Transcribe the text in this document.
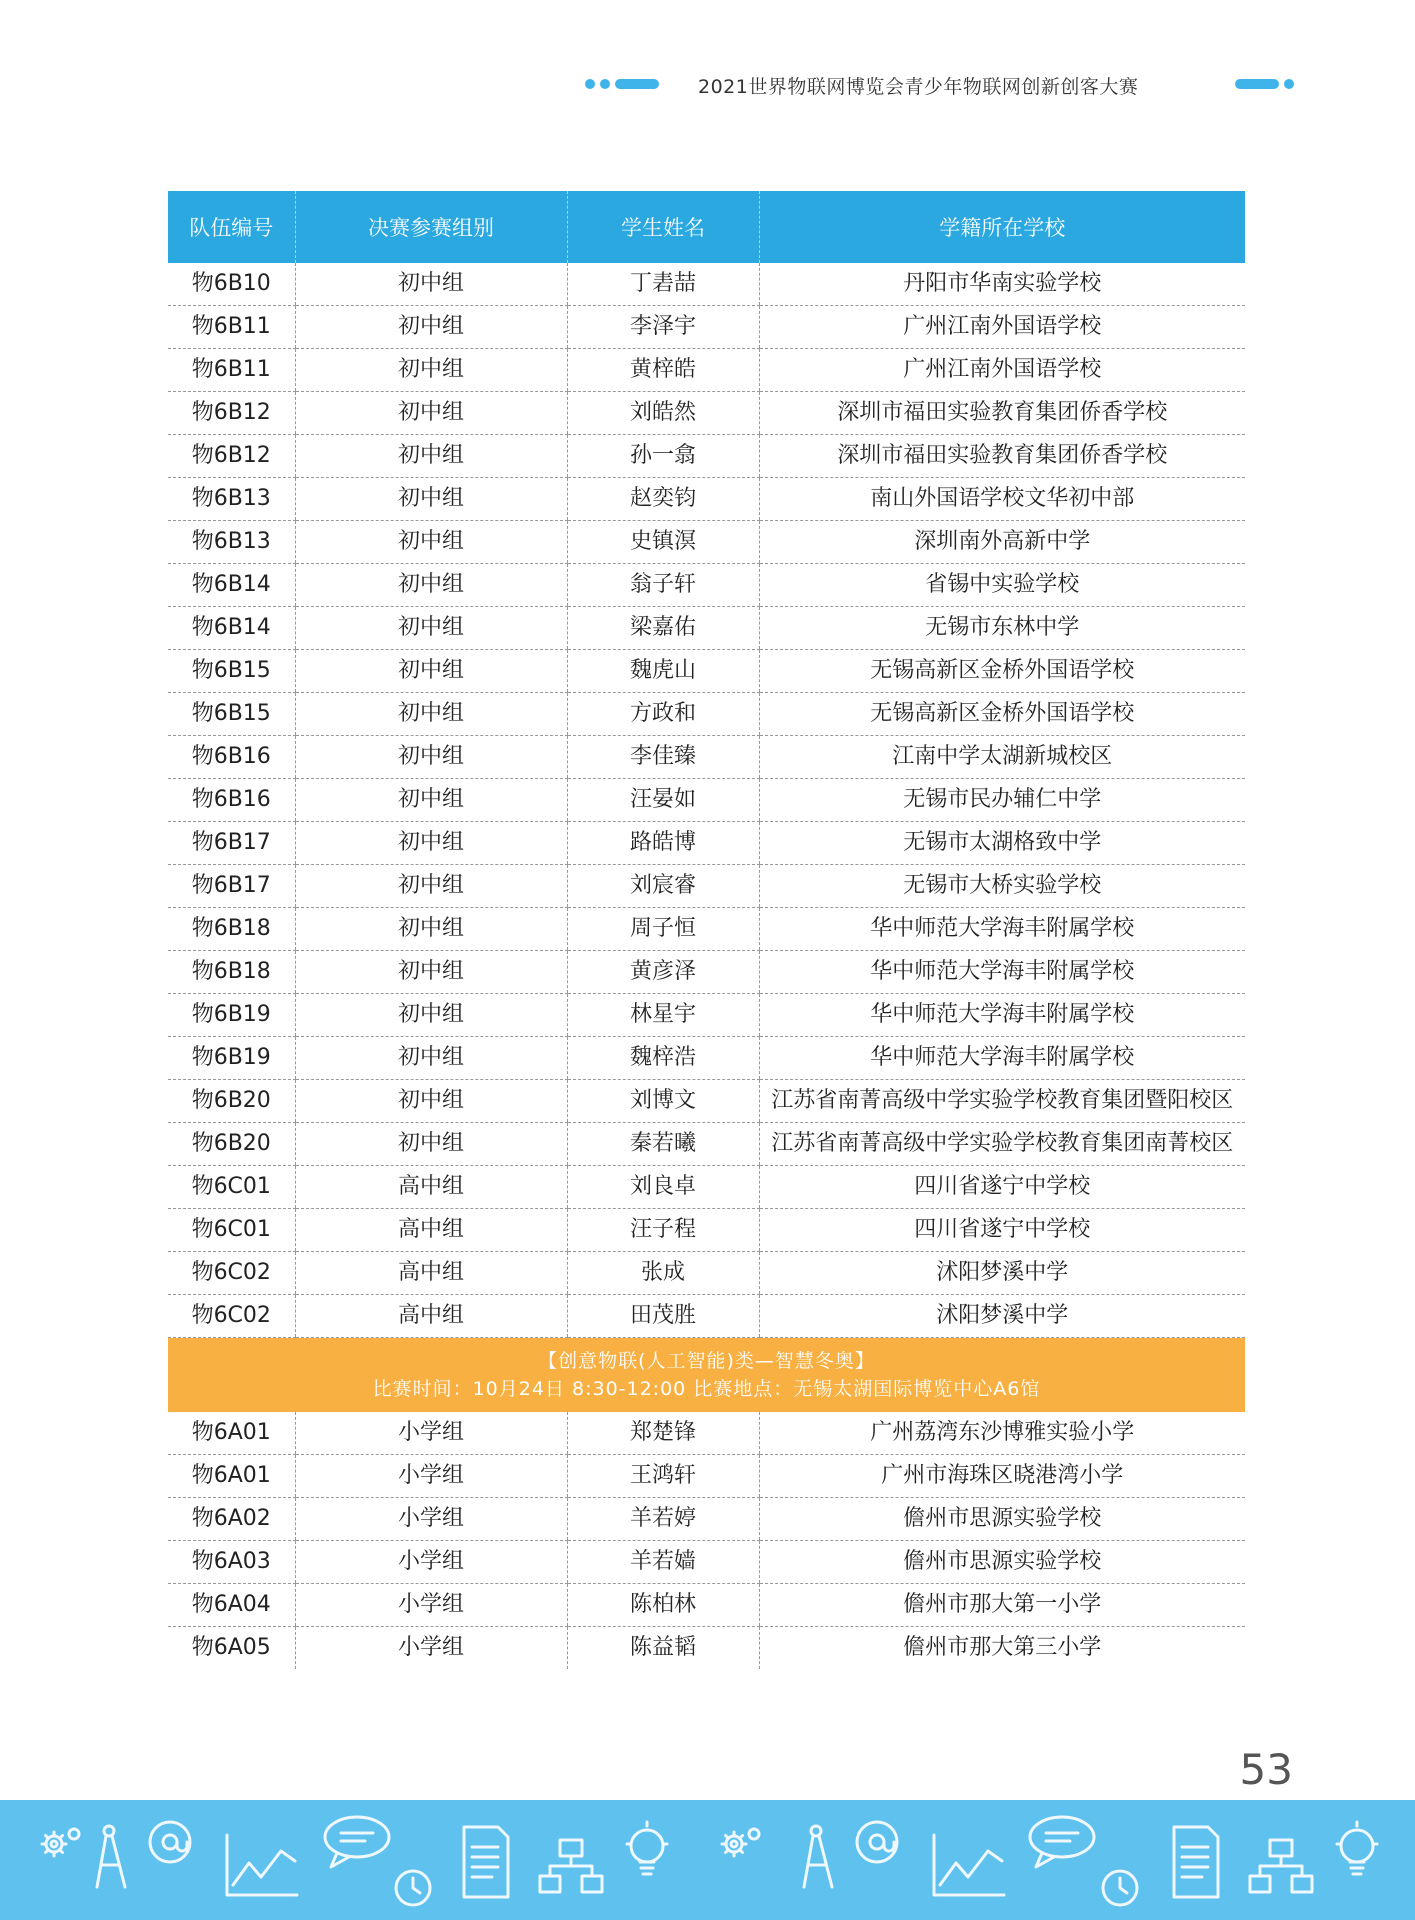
2021世界物联网博览会青少年物联网创新创客大赛
队伍编号	决赛参赛组别	学生姓名	学籍所在学校
物6B10	初中组	丁砉喆	丹阳市华南实验学校
物6B11	初中组	李泽宇	广州江南外国语学校
物6B11	初中组	黄梓皓	广州江南外国语学校
物6B12	初中组	刘皓然	深圳市福田实验教育集团侨香学校
物6B12	初中组	孙一翕	深圳市福田实验教育集团侨香学校
物6B13	初中组	赵奕钧	南山外国语学校文华初中部
物6B13	初中组	史镇溟	深圳南外高新中学
物6B14	初中组	翁子轩	省锡中实验学校
物6B14	初中组	梁嘉佑	无锡市东林中学
物6B15	初中组	魏虎山	无锡高新区金桥外国语学校
物6B15	初中组	方政和	无锡高新区金桥外国语学校
物6B16	初中组	李佳臻	江南中学太湖新城校区
物6B16	初中组	汪晏如	无锡市民办辅仁中学
物6B17	初中组	路皓博	无锡市太湖格致中学
物6B17	初中组	刘宸睿	无锡市大桥实验学校
物6B18	初中组	周子恒	华中师范大学海丰附属学校
物6B18	初中组	黄彦泽	华中师范大学海丰附属学校
物6B19	初中组	林星宇	华中师范大学海丰附属学校
物6B19	初中组	魏梓浩	华中师范大学海丰附属学校
物6B20	初中组	刘博文	江苏省南菁高级中学实验学校教育集团暨阳校区
物6B20	初中组	秦若曦	江苏省南菁高级中学实验学校教育集团南菁校区
物6C01	高中组	刘良卓	四川省遂宁中学校
物6C01	高中组	汪子程	四川省遂宁中学校
物6C02	高中组	张成	沭阳梦溪中学
物6C02	高中组	田茂胜	沭阳梦溪中学

【创意物联(人工智能)类—智慧冬奥】
比赛时间：10月24日 8:30-12:00 比赛地点：无锡太湖国际博览中心A6馆			

物6A01	小学组	郑楚锋	广州荔湾东沙博雅实验小学
物6A01	小学组	王鸿轩	广州市海珠区晓港湾小学
物6A02	小学组	羊若婷	儋州市思源实验学校
物6A03	小学组	羊若嫱	儋州市思源实验学校
物6A04	小学组	陈柏林	儋州市那大第一小学
物6A05	小学组	陈益韬	儋州市那大第三小学
53
